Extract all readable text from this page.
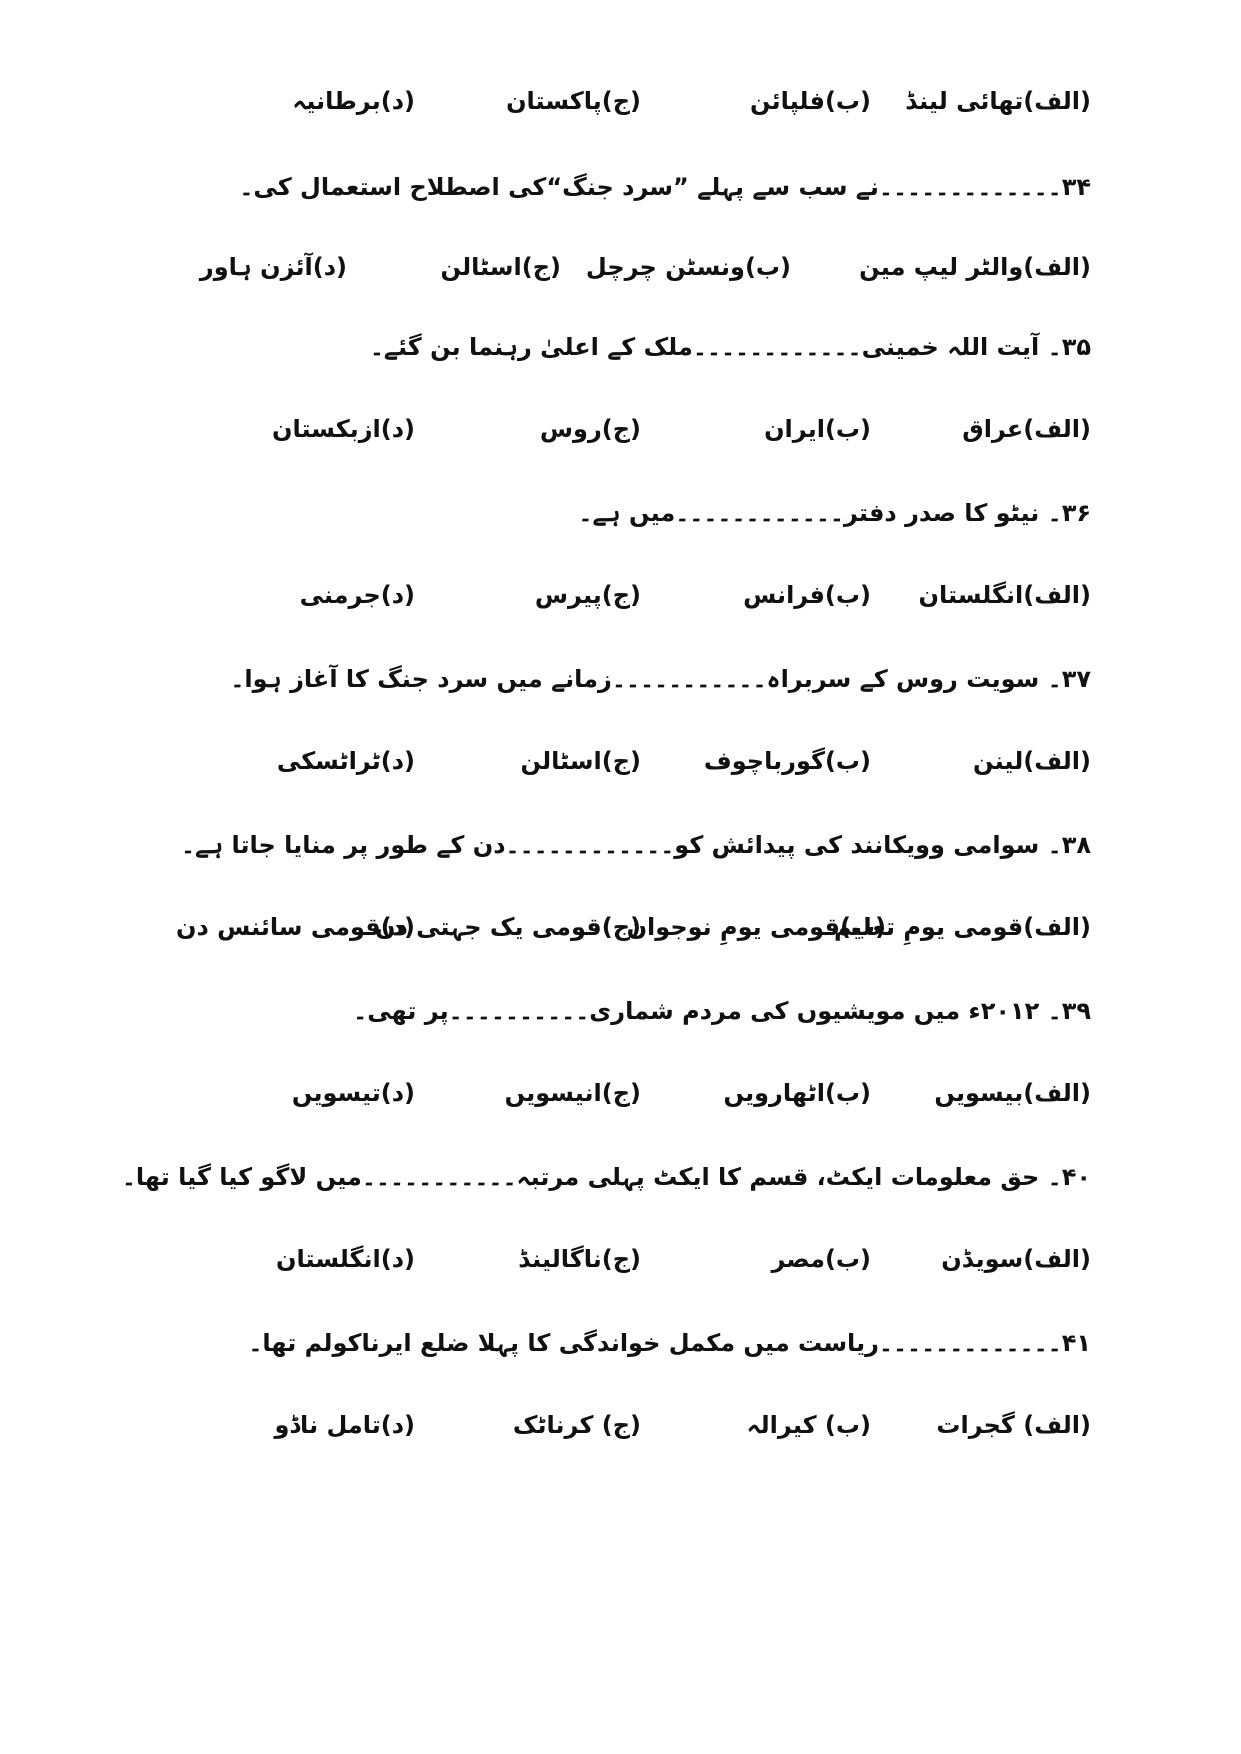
(الف)تھائی لینڈ
(ب)فلپائن
(ج)پاکستان
(د)برطانیہ
۳۴۔۔۔۔۔۔۔۔۔۔۔۔۔نے سب سے پہلے ”سرد جنگ“کی اصطلاح استعمال کی۔
(الف)والٹر لیپ مین
(ب)ونسٹن چرچل
(ج)اسٹالن
(د)آئزن ہاور
۳۵۔ آیت اللہ خمینی۔۔۔۔۔۔۔۔۔۔۔۔ملک کے اعلیٰ رہنما بن گئے۔
(الف)عراق
(ب)ایران
(ج)روس
(د)ازبکستان
۳۶۔ نیٹو کا صدر دفتر۔۔۔۔۔۔۔۔۔۔۔۔میں ہے۔
(الف)انگلستان
(ب)فرانس
(ج)پیرس
(د)جرمنی
۳۷۔ سویت روس کے سربراہ۔۔۔۔۔۔۔۔۔۔۔زمانے میں سرد جنگ کا آغاز ہوا۔
(الف)لینن
(ب)گورباچوف
(ج)اسٹالن
(د)ٹراٹسکی
۳۸۔ سوامی وویکانند کی پیدائش کو۔۔۔۔۔۔۔۔۔۔۔۔دن کے طور پر منایا جاتا ہے۔
(الف)قومی یومِ تعلیم
(ب)قومی یومِ نوجوان
(ج)قومی یک جہتی دن
(د)قومی سائنس دن
۳۹۔ ۲۰۱۲ء میں مویشیوں کی مردم شماری۔۔۔۔۔۔۔۔۔۔پر تھی۔
(الف)بیسویں
(ب)اٹھارویں
(ج)انیسویں
(د)تیسویں
۴۰۔ حق معلومات ایکٹ، قسم کا ایکٹ پہلی مرتبہ۔۔۔۔۔۔۔۔۔۔۔میں لاگو کیا گیا تھا۔
(الف)سویڈن
(ب)مصر
(ج)ناگالینڈ
(د)انگلستان
۴۱۔۔۔۔۔۔۔۔۔۔۔۔۔ریاست میں مکمل خواندگی کا پہلا ضلع ایرناکولم تھا۔
(الف) گجرات
(ب) کیرالہ
(ج) کرناٹک
(د)تامل ناڈو
